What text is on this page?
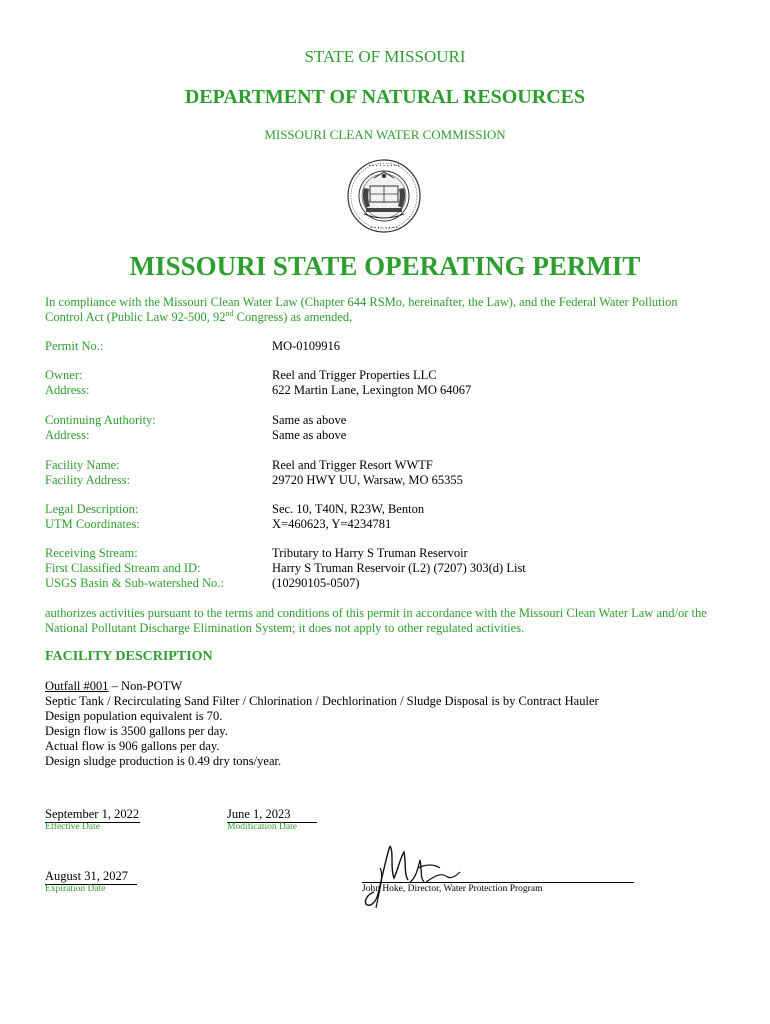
STATE OF MISSOURI
DEPARTMENT OF NATURAL RESOURCES
MISSOURI CLEAN WATER COMMISSION
• • • • • • • • •
• • • • • • • •
MISSOURI STATE OPERATING PERMIT
In compliance with the Missouri Clean Water Law (Chapter 644 RSMo, hereinafter, the Law), and the Federal Water Pollution
Control Act (Public Law 92-500, 92nd Congress) as amended,
Permit No.:	MO-0109916
Owner:	Reel and Trigger Properties LLC
Address:	622 Martin Lane, Lexington MO 64067
Continuing Authority:	Same as above
Address:	Same as above
Facility Name:	Reel and Trigger Resort WWTF
Facility Address:	29720 HWY UU, Warsaw, MO 65355
Legal Description:	Sec. 10, T40N, R23W, Benton
UTM Coordinates:	X=460623, Y=4234781
Receiving Stream:	Tributary to Harry S Truman Reservoir
First Classified Stream and ID:	Harry S Truman Reservoir (L2) (7207) 303(d) List
USGS Basin & Sub-watershed No.:	(10290105-0507)
authorizes activities pursuant to the terms and conditions of this permit in accordance with the Missouri Clean Water Law and/or the
National Pollutant Discharge Elimination System; it does not apply to other regulated activities.
FACILITY DESCRIPTION
Outfall #001 – Non-POTW
Septic Tank / Recirculating Sand Filter / Chlorination / Dechlorination / Sludge Disposal is by Contract Hauler
Design population equivalent is 70.
Design flow is 3500 gallons per day.
Actual flow is 906 gallons per day.
Design sludge production is 0.49 dry tons/year.
September 1, 2022
Effective Date
June 1, 2023
Modification Date
August 31, 2027
Expiration Date	John Hoke, Director, Water Protection Program
